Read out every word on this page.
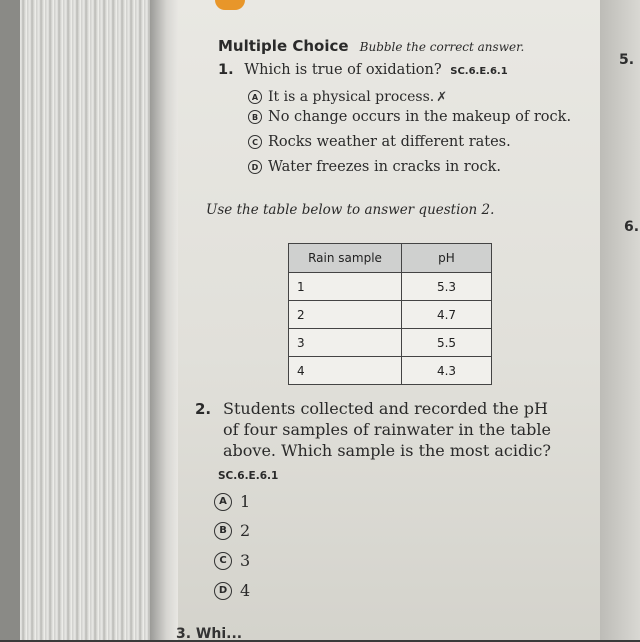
5.
6.
Multiple Choice Bubble the correct answer.
1. Which is true of oxidation? SC.6.E.6.1
A It is a physical process. ✗
B No change occurs in the makeup of rock.
C Rocks weather at different rates.
D Water freezes in cracks in rock.
Use the table below to answer question 2.
Rain sample	pH
1	5.3
2	4.7
3	5.5
4	4.3
2. Students collected and recorded the pH
of four samples of rainwater in the table
above. Which sample is the most acidic?
SC.6.E.6.1
A 1
B 2
C 3
D 4
3. Whi...
